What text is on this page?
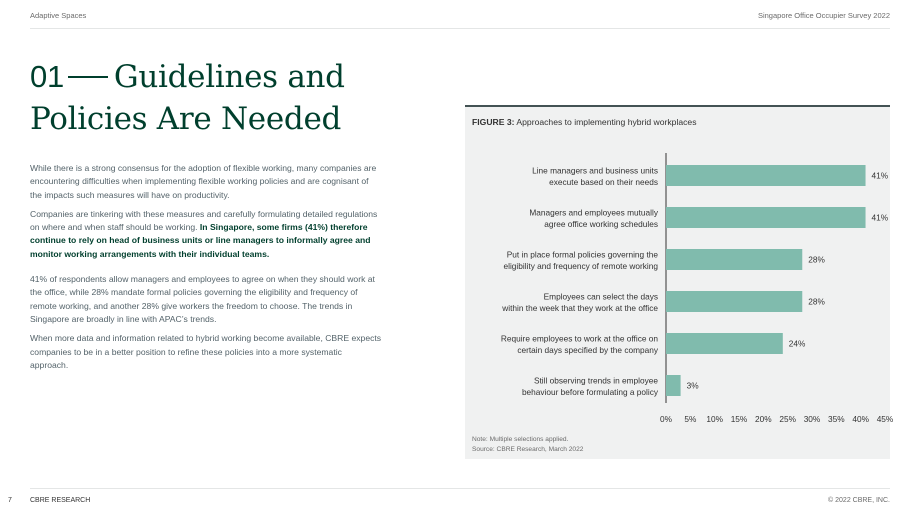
Adaptive Spaces	Singapore Office Occupier Survey 2022
01 Guidelines and
Policies Are Needed

While there is a strong consensus for the adoption of flexible working, many companies are encountering difficulties when implementing flexible working policies and are cognisant of the impacts such measures will have on productivity.

Companies are tinkering with these measures and carefully formulating detailed regulations on where and when staff should be working. In Singapore, some firms (41%) therefore continue to rely on head of business units or line managers to informally agree and monitor working arrangements with their individual teams.

41% of respondents allow managers and employees to agree on when they should work at the office, while 28% mandate formal policies governing the eligibility and frequency of remote working, and another 28% give workers the freedom to choose. The trends in Singapore are broadly in line with APAC’s trends.

When more data and information related to hybrid working become available, CBRE expects companies to be in a better position to refine these policies into a more systematic approach.

FIGURE 3: Approaches to implementing hybrid workplaces
41%
Line managers and business units execute based on their needs
41%
Managers and employees mutually agree office working schedules
28%
Put in place formal policies governing the eligibility and frequency of remote working
28%
Employees can select the days within the week that they work at the office
24%
Require employees to work at the office on certain days specified by the company
3%
Still observing trends in employee behaviour before formulating a policy
0% 5% 10% 15% 20% 25% 30% 35% 40% 45%
Note: Multiple selections applied.
Source: CBRE Research, March 2022
7	CBRE RESEARCH	© 2022 CBRE, INC.
